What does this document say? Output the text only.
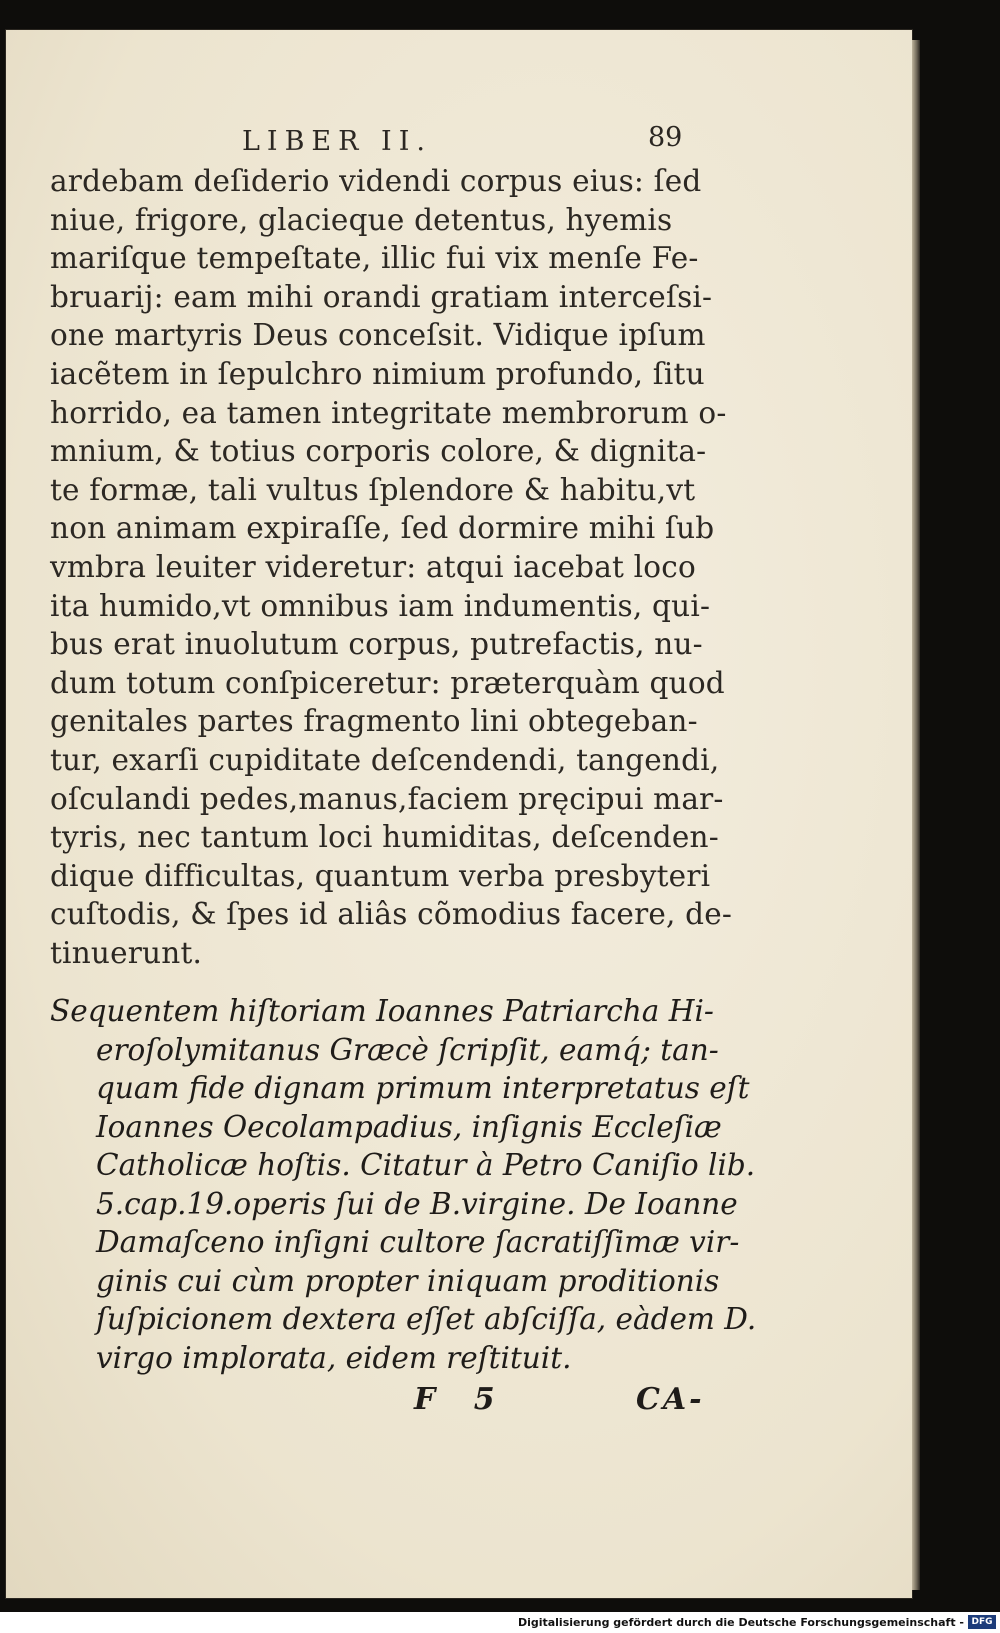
LIBER II.	89
ardebam deſiderio videndi corpus eius: ſed
niue, frigore, glacieque detentus, hyemis
mariſque tempeſtate, illic fui vix menſe Fe-
bruarij: eam mihi orandi gratiam interceſsi-
one martyris Deus conceſsit. Vidique ipſum
iacẽtem in ſepulchro nimium profundo, ſitu
horrido, ea tamen integritate membrorum o-
mnium, & totius corporis colore, & dignita-
te formæ, tali vultus ſplendore & habitu,vt
non animam expiraſſe, ſed dormire mihi ſub
vmbra leuiter videretur: atqui iacebat loco
ita humido,vt omnibus iam indumentis, qui-
bus erat inuolutum corpus, putrefactis, nu-
dum totum conſpiceretur: præterquàm quod
genitales partes fragmento lini obtegeban-
tur, exarſi cupiditate deſcendendi, tangendi,
oſculandi pedes,manus,faciem pręcipui mar-
tyris, nec tantum loci humiditas, deſcenden-
dique difficultas, quantum verba presbyteri
cuſtodis, & ſpes id aliâs cõmodius facere, de-
tinuerunt.
Sequentem hiſtoriam Ioannes Patriarcha Hi-
eroſolymitanus Græcè ſcripſit, eamq́; tan-
quam fide dignam primum interpretatus eſt
Ioannes Oecolampadius, inſignis Eccleſiæ
Catholicæ hoſtis. Citatur à Petro Caniſio lib.
5.cap.19.operis ſui de B.virgine. De Ioanne
Damaſceno inſigni cultore ſacratiſſimæ vir-
ginis cui cùm propter iniquam proditionis
ſuſpicionem dextera eſſet abſciſſa, eàdem D.
virgo implorata, eidem reſtituit.
F 5	CA-
Digitalisierung gefördert durch die Deutsche Forschungsgemeinschaft - DFG
